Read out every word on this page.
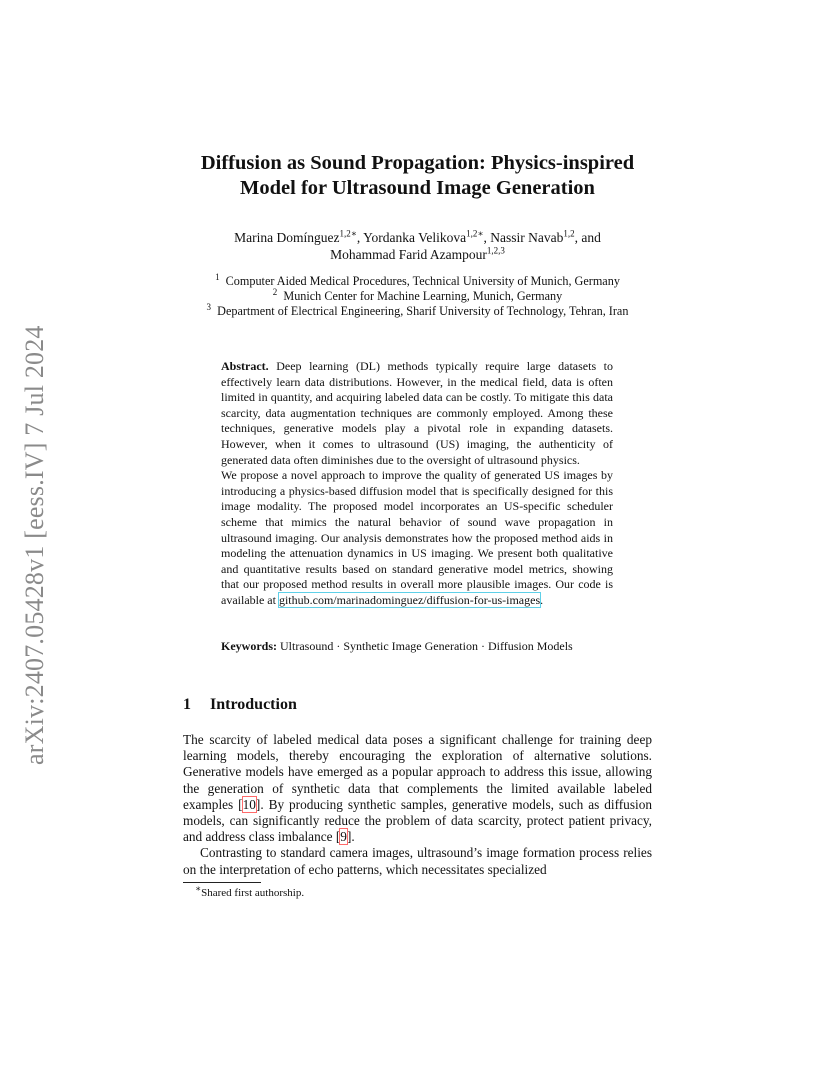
arXiv:2407.05428v1 [eess.IV] 7 Jul 2024
Diffusion as Sound Propagation: Physics-inspired
Model for Ultrasound Image Generation
Marina Domínguez$^{1,2∗}$, Yordanka Velikova$^{1,2∗}$, Nassir Navab$^{1,2}$, and
Mohammad Farid Azampour$^{1,2,3}$
$^1$ Computer Aided Medical Procedures, Technical University of Munich, Germany
$^2$ Munich Center for Machine Learning, Munich, Germany
$^3$ Department of Electrical Engineering, Sharif University of Technology, Tehran, Iran

Abstract. Deep learning (DL) methods typically require large datasets to effectively learn data distributions. However, in the medical field, data is often limited in quantity, and acquiring labeled data can be costly. To mitigate this data scarcity, data augmentation techniques are commonly employed. Among these techniques, generative models play a pivotal role in expanding datasets. However, when it comes to ultrasound (US) imaging, the authenticity of generated data often diminishes due to the oversight of ultrasound physics.

We propose a novel approach to improve the quality of generated US images by introducing a physics-based diffusion model that is specifically designed for this image modality. The proposed model incorporates an US-specific scheduler scheme that mimics the natural behavior of sound wave propagation in ultrasound imaging. Our analysis demonstrates how the proposed method aids in modeling the attenuation dynamics in US imaging. We present both qualitative and quantitative results based on standard generative model metrics, showing that our proposed method results in overall more plausible images. Our code is available at github.com/marinadominguez/diffusion-for-us-images.

Keywords: Ultrasound · Synthetic Image Generation · Diffusion Models
1 Introduction

The scarcity of labeled medical data poses a significant challenge for training deep learning models, thereby encouraging the exploration of alternative solutions. Generative models have emerged as a popular approach to address this issue, allowing the generation of synthetic data that complements the limited available labeled examples [10]. By producing synthetic samples, generative models, such as diffusion models, can significantly reduce the problem of data scarcity, protect patient privacy, and address class imbalance [9].

Contrasting to standard camera images, ultrasound’s image formation process relies on the interpretation of echo patterns, which necessitates specialized

∗Shared first authorship.
